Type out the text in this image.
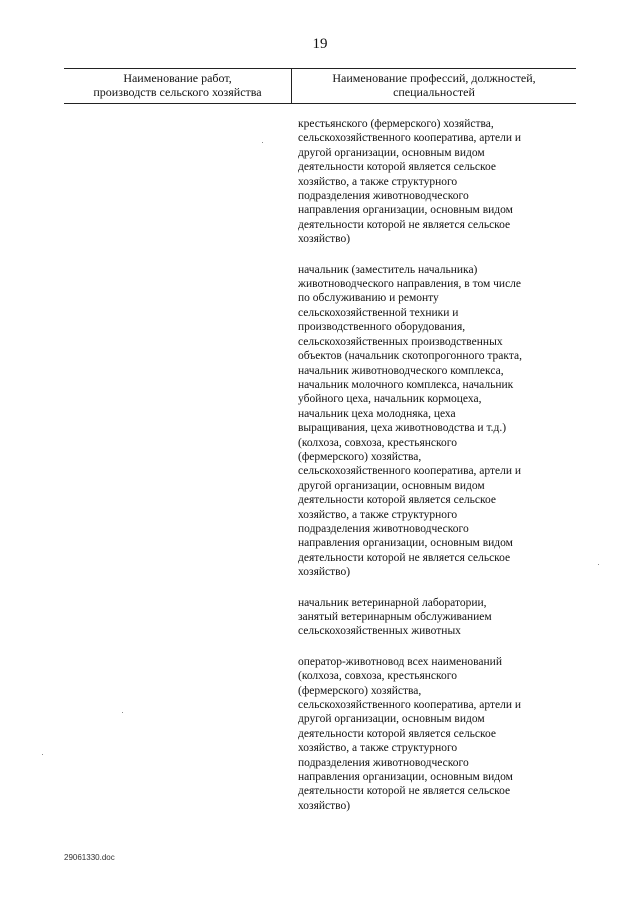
19
Наименование работ,
производств сельского хозяйства
Наименование профессий, должностей,
специальностей

крестьянского (фермерского) хозяйства,
сельскохозяйственного кооператива, артели и
другой организации, основным видом
деятельности которой является сельское
хозяйство, а также структурного
подразделения животноводческого
направления организации, основным видом
деятельности которой не является сельское
хозяйство)

начальник (заместитель начальника)
животноводческого направления, в том числе
по обслуживанию и ремонту
сельскохозяйственной техники и
производственного оборудования,
сельскохозяйственных производственных
объектов (начальник скотопрогонного тракта,
начальник животноводческого комплекса,
начальник молочного комплекса, начальник
убойного цеха, начальник кормоцеха,
начальник цеха молодняка, цеха
выращивания, цеха животноводства и т.д.)
(колхоза, совхоза, крестьянского
(фермерского) хозяйства,
сельскохозяйственного кооператива, артели и
другой организации, основным видом
деятельности которой является сельское
хозяйство, а также структурного
подразделения животноводческого
направления организации, основным видом
деятельности которой не является сельское
хозяйство)

начальник ветеринарной лаборатории,
занятый ветеринарным обслуживанием
сельскохозяйственных животных

оператор-животновод всех наименований
(колхоза, совхоза, крестьянского
(фермерского) хозяйства,
сельскохозяйственного кооператива, артели и
другой организации, основным видом
деятельности которой является сельское
хозяйство, а также структурного
подразделения животноводческого
направления организации, основным видом
деятельности которой не является сельское
хозяйство)

29061330.doc
